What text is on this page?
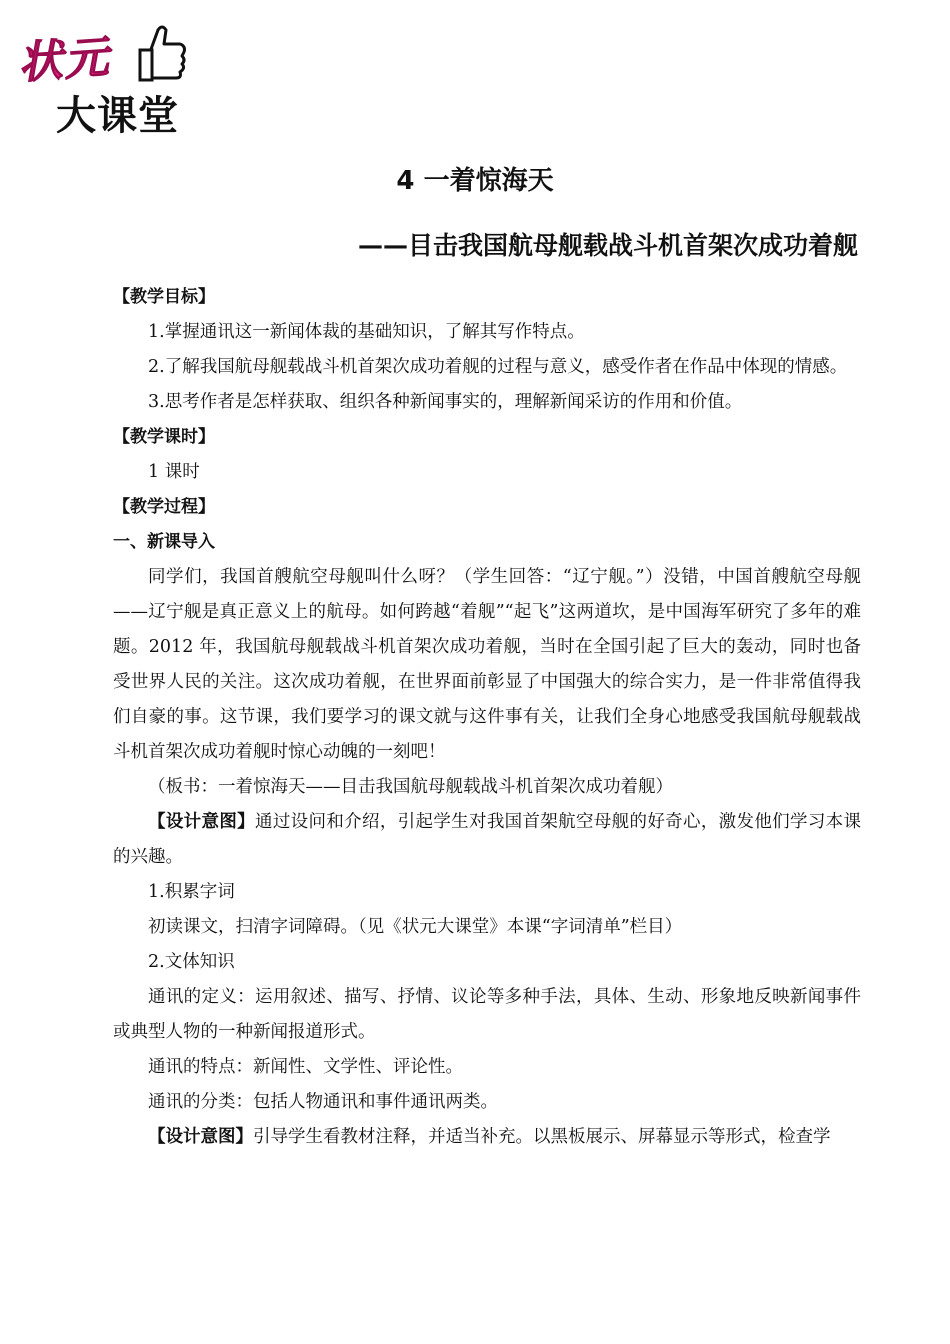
状元
大课堂
4 一着惊海天
——目击我国航母舰载战斗机首架次成功着舰

【教学目标】

1.掌握通讯这一新闻体裁的基础知识，了解其写作特点。

2.了解我国航母舰载战斗机首架次成功着舰的过程与意义，感受作者在作品中体现的情感。

3.思考作者是怎样获取、组织各种新闻事实的，理解新闻采访的作用和价值。

【教学课时】

1 课时

【教学过程】

一、新课导入

同学们，我国首艘航空母舰叫什么呀？（学生回答：“辽宁舰。”）没错，中国首艘航空母舰——辽宁舰是真正意义上的航母。如何跨越“着舰”“起飞”这两道坎，是中国海军研究了多年的难题。2012 年，我国航母舰载战斗机首架次成功着舰，当时在全国引起了巨大的轰动，同时也备受世界人民的关注。这次成功着舰，在世界面前彰显了中国强大的综合实力，是一件非常值得我们自豪的事。这节课，我们要学习的课文就与这件事有关，让我们全身心地感受我国航母舰载战斗机首架次成功着舰时惊心动魄的一刻吧！

（板书：一着惊海天——目击我国航母舰载战斗机首架次成功着舰）

【设计意图】通过设问和介绍，引起学生对我国首架航空母舰的好奇心，激发他们学习本课的兴趣。

1.积累字词

初读课文，扫清字词障碍。（见《状元大课堂》本课“字词清单”栏目）

2.文体知识

通讯的定义：运用叙述、描写、抒情、议论等多种手法，具体、生动、形象地反映新闻事件或典型人物的一种新闻报道形式。

通讯的特点：新闻性、文学性、评论性。

通讯的分类：包括人物通讯和事件通讯两类。

【设计意图】引导学生看教材注释，并适当补充。以黑板展示、屏幕显示等形式，检查学
